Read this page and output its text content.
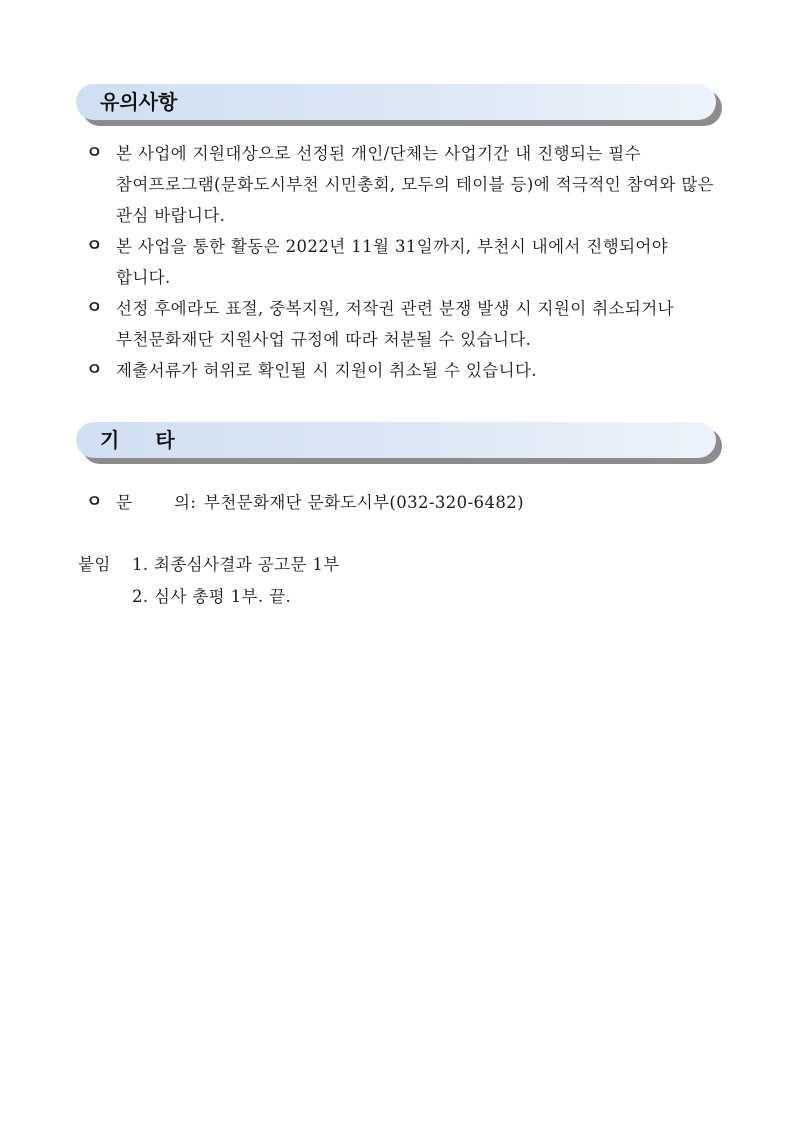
유의사항
ㅇ 본 사업에 지원대상으로 선정된 개인/단체는 사업기간 내 진행되는 필수 참여프로그램(문화도시부천 시민총회, 모두의 테이블 등)에 적극적인 참여와 많은 관심 바랍니다.
ㅇ 본 사업을 통한 활동은 2022년 11월 31일까지, 부천시 내에서 진행되어야 합니다.
ㅇ 선정 후에라도 표절, 중복지원, 저작권 관련 분쟁 발생 시 지원이 취소되거나 부천문화재단 지원사업 규정에 따라 처분될 수 있습니다.
ㅇ 제출서류가 허위로 확인될 시 지원이 취소될 수 있습니다.
기타
ㅇ 문	의: 부천문화재단 문화도시부(032-320-6482)
붙임 1. 최종심사결과 공고문 1부
2. 심사 총평 1부. 끝.
